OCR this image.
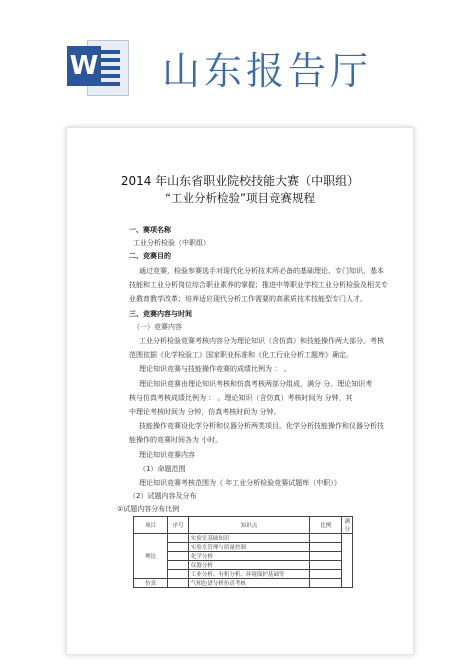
W 山东报告厅
2014 年山东省职业院校技能大赛（中职组）
“工业分析检验”项目竞赛规程
一、赛项名称
工业分析检验（中职组）
二、竞赛目的
通过竞赛，检验参赛选手对现代化分析技术所必备的基础理论、专门知识、基本
技能和工业分析岗位综合职业素养的掌握；推进中等职业学校工业分析检验及相关专
业教育教学改革；培养适应现代分析工作需要的高素质技术技能型专门人才。
三、竞赛内容与时间
（一）竞赛内容
工业分析检验竞赛考核内容分为理论知识（含仿真）和技能操作两大部分。考核
范围依据《化学检验工》国家职业标准和《化工行业分析工题库》确定。
理论知识竞赛与技能操作竞赛的成绩比例为 ： 。
理论知识竞赛由理论知识考核和仿真考核两部分组成，满分 分。理论知识考
核与仿真考核成绩比例为 ： 。理论知识（含仿真）考核时间为 分钟，其
中理论考核时间为 分钟，仿真考核时间为 分钟。
技能操作竞赛设化学分析和仪器分析两类项目。化学分析技能操作和仪器分析技
能操作的竞赛时间各为 小时。
理论知识竞赛内容
（1）命题范围
理论知识竞赛考核范围为《 年工业分析检验竞赛试题库（中职）》
（2）试题内容及分布
①试题内容分布比例
项目	序号	知识点	比例	满分
理论		实验室基础知识		
		实验室管理与质量控制		
		化学分析		
		仪器分析		
		工业分析、有机分析、环境保护基础等		
仿真		气相色谱分析仿真考核		
